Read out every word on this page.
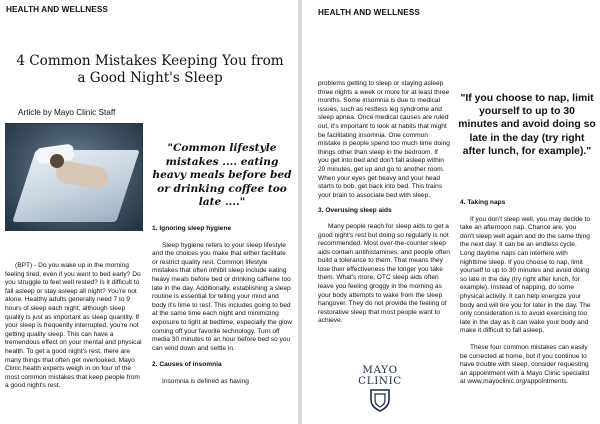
HEALTH AND WELLNESS
4 Common Mistakes Keeping You from a Good Night's Sleep
Article by Mayo Clinic Staff
"Common lifestyle mistakes .... eating heavy meals before bed or drinking coffee too late ...."

(BPT) - Do you wake up in the morning feeling tired, even if you went to bed early? Do you struggle to feel well rested? Is it difficult to fall asleep or stay asleep all night? You're not alone. Healthy adults generally need 7 to 9 hours of sleep each night, although sleep quality is just as important as sleep quantity. If your sleep is frequently interrupted, you're not getting quality sleep. This can have a tremendous effect on your mental and physical health. To get a good night's rest, there are many things that often get overlooked. Mayo Clinic health experts weigh in on four of the most common mistakes that keep people from a good night's rest.

1. Ignoring sleep hygiene

Sleep hygiene refers to your sleep lifestyle and the choices you make that either facilitate or restrict quality rest. Common lifestyle mistakes that often inhibit sleep include eating heavy meals before bed or drinking caffeine too late in the day. Additionally, establishing a sleep routine is essential for telling your mind and body it's time to rest. This includes going to bed at the same time each night and minimizing exposure to light at bedtime, especially the glow coming off your favorite technology. Turn off media 30 minutes to an hour before bed so you can wind down and settle in.

2. Causes of insomnia

Insomnia is defined as having

HEALTH AND WELLNESS

problems getting to sleep or staying asleep three nights a week or more for at least three months. Some insomnia is due to medical issues, such as restless leg syndrome and sleep apnea. Once medical causes are ruled out, it's important to look at habits that might be facilitating insomnia. One common mistake is people spend too much time doing things other than sleep in the bedroom. If you get into bed and don't fall asleep within 20 minutes, get up and go to another room. When your eyes get heavy and your head starts to bob, get back into bed. This trains your brain to associate bed with sleep.

3. Overusing sleep aids

Many people reach for sleep aids to get a good night's rest but doing so regularly is not recommended. Most over-the-counter sleep aids contain antihistamines, and people often build a tolerance to them. That means they lose their effectiveness the longer you take them. What's more, OTC sleep aids often leave you feeling groggy in the morning as your body attempts to wake from the sleep hangover. They do not provide the feeling of restorative sleep that most people want to achieve.

"If you choose to nap, limit yourself to up to 30 minutes and avoid doing so late in the day (try right after lunch, for example)."
4. Taking naps

If you don't sleep well, you may decide to take an afternoon nap. Chance are, you don't sleep well again and do the same thing the next day. It can be an endless cycle. Long daytime naps can interfere with nighttime sleep. If you choose to nap, limit yourself to up to 30 minutes and avoid doing so late in the day (try right after lunch, for example). Instead of napping, do some physical activity. It can help energize your body and will tire you for later in the day. The only consideration is to avoid exercising too late in the day as it can wake your body and make it difficult to fall asleep.

These four common mistakes can easily be corrected at home, but if you continue to have trouble with sleep, consider requesting an appointment with a Mayo Clinic specialist at www.mayoclinic.org/appointments.

MAYO
CLINIC
